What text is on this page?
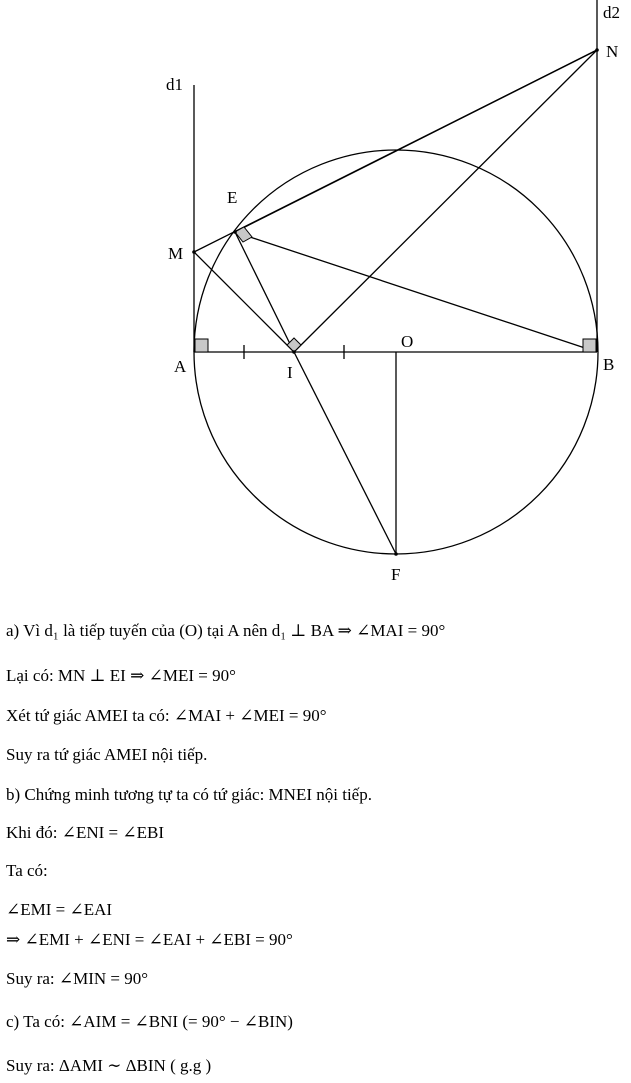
d1
d2
N
E
M
A	I
O
B
F
a) Vì d₁ là tiếp tuyến của (O) tại A nên d₁ ⊥ BA ⇒ ∠MAI = 90°
Lại có: MN ⊥ EI ⇒ ∠MEI = 90°
Xét tứ giác AMEI ta có: ∠MAI + ∠MEI = 90°
Suy ra tứ giác AMEI nội tiếp.
b) Chứng minh tương tự ta có tứ giác: MNEI nội tiếp.
Khi đó: ∠ENI = ∠EBI
Ta có:
∠EMI = ∠EAI
⇒ ∠EMI + ∠ENI = ∠EAI + ∠EBI = 90°
Suy ra: ∠MIN = 90°
c) Ta có: ∠AIM = ∠BNI (= 90° − ∠BIN)
Suy ra: ΔAMI ∼ ΔBIN ( g.g )
